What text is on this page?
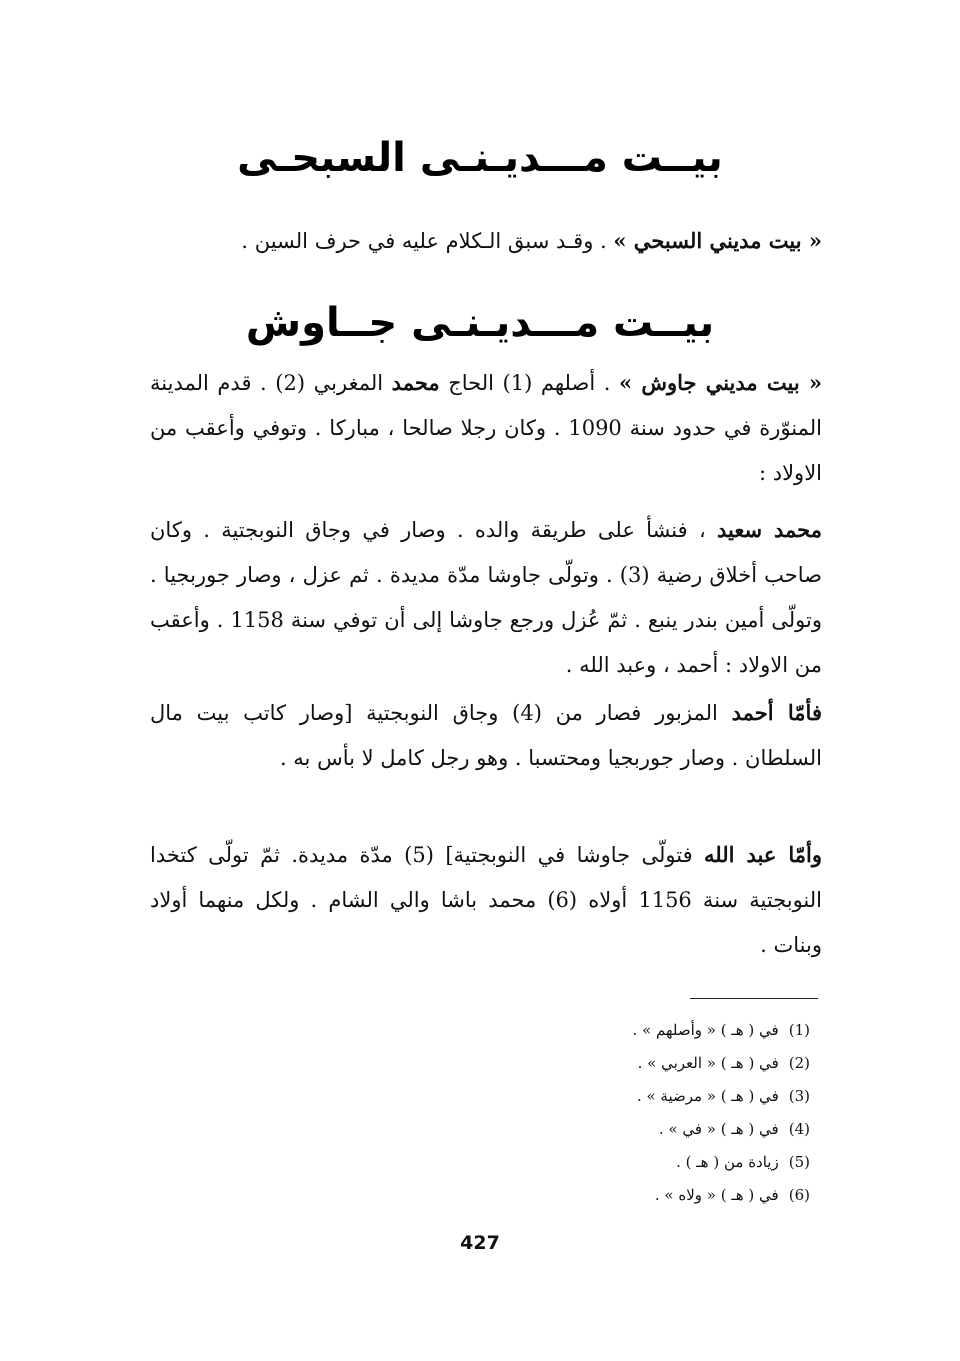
بيــت مـــديـنـى السبحـى
« بيت مديني السبحي » . وقـد سبق الـكلام عليه في حرف السين .
بيــت مـــديـنـى جــاوش
« بيت مديني جاوش » . أصلهم (1) الحاج محمد المغربي (2) . قدم المدينة المنوّرة في حدود سنة 1090 . وكان رجلا صالحا ، مباركا . وتوفي وأعقب من الاولاد :
محمد سعيد ، فنشأ على طريقة والده . وصار في وجاق النوبجتية . وكان صاحب أخلاق رضية (3) . وتولّى جاوشا مدّة مديدة . ثم عزل ، وصار جوربجيا . وتولّى أمين بندر ينبع . ثمّ عُزل ورجع جاوشا إلى أن توفي سنة 1158 . وأعقب من الاولاد : أحمد ، وعبد الله .
فأمّا أحمد المزبور فصار من (4) وجاق النوبجتية [وصار كاتب بيت مال السلطان . وصار جوربجيا ومحتسبا . وهو رجل كامل لا بأس به .
وأمّا عبد الله فتولّى جاوشا في النوبجتية] (5) مدّة مديدة. ثمّ تولّى كتخدا النوبجتية سنة 1156 أولاه (6) محمد باشا والي الشام . ولكل منهما أولاد وبنات .
(1)في ( هـ ) « وأصلهم » .
(2)في ( هـ ) « العربي » .
(3)في ( هـ ) « مرضية » .
(4)في ( هـ ) « في » .
(5)زيادة من ( هـ ) .
(6)في ( هـ ) « ولاه » .
427
